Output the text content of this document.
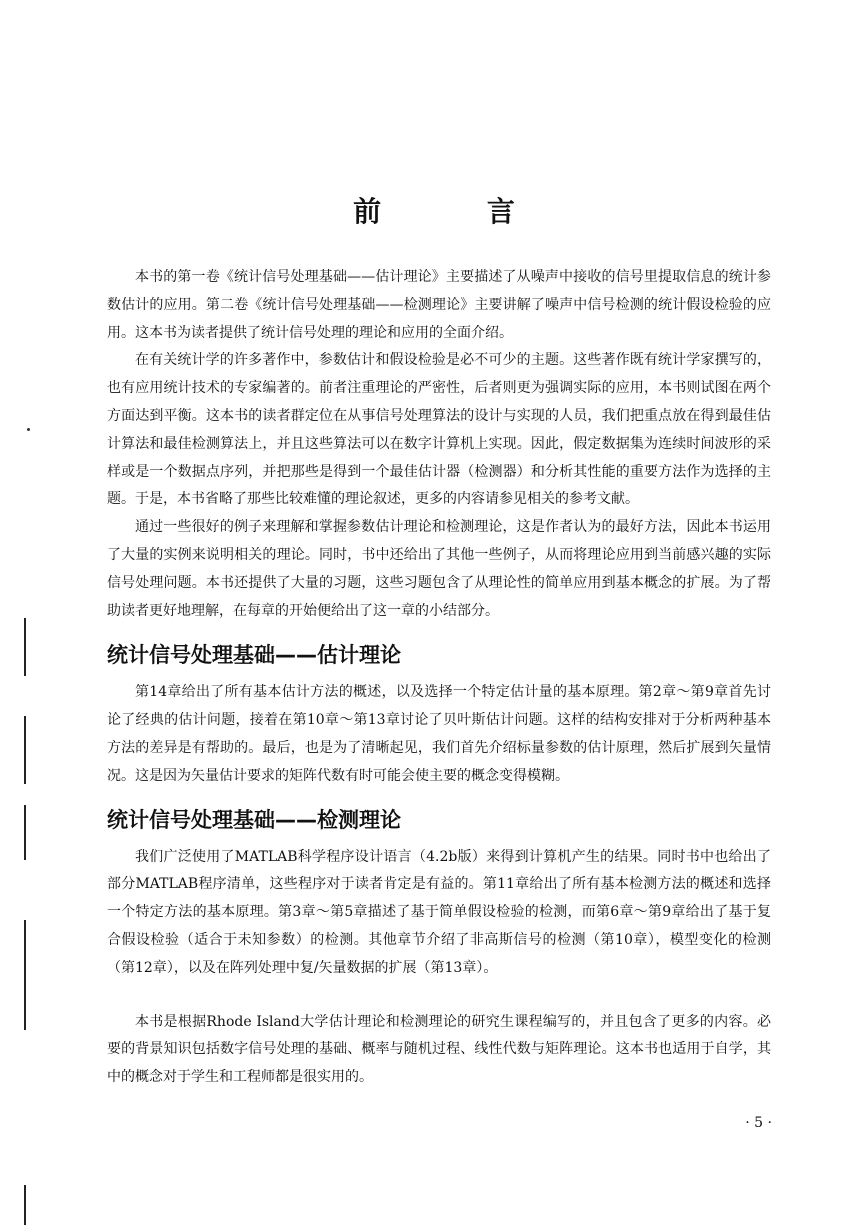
前 言

本书的第一卷《统计信号处理基础——估计理论》主要描述了从噪声中接收的信号里提取信息的统计参数估计的应用。第二卷《统计信号处理基础——检测理论》主要讲解了噪声中信号检测的统计假设检验的应用。这本书为读者提供了统计信号处理的理论和应用的全面介绍。

在有关统计学的许多著作中，参数估计和假设检验是必不可少的主题。这些著作既有统计学家撰写的，也有应用统计技术的专家编著的。前者注重理论的严密性，后者则更为强调实际的应用，本书则试图在两个方面达到平衡。这本书的读者群定位在从事信号处理算法的设计与实现的人员，我们把重点放在得到最佳估计算法和最佳检测算法上，并且这些算法可以在数字计算机上实现。因此，假定数据集为连续时间波形的采样或是一个数据点序列，并把那些是得到一个最佳估计器（检测器）和分析其性能的重要方法作为选择的主题。于是，本书省略了那些比较难懂的理论叙述，更多的内容请参见相关的参考文献。

通过一些很好的例子来理解和掌握参数估计理论和检测理论，这是作者认为的最好方法，因此本书运用了大量的实例来说明相关的理论。同时，书中还给出了其他一些例子，从而将理论应用到当前感兴趣的实际信号处理问题。本书还提供了大量的习题，这些习题包含了从理论性的简单应用到基本概念的扩展。为了帮助读者更好地理解，在每章的开始便给出了这一章的小结部分。

统计信号处理基础——估计理论

第14章给出了所有基本估计方法的概述，以及选择一个特定估计量的基本原理。第2章～第9章首先讨论了经典的估计问题，接着在第10章～第13章讨论了贝叶斯估计问题。这样的结构安排对于分析两种基本方法的差异是有帮助的。最后，也是为了清晰起见，我们首先介绍标量参数的估计原理，然后扩展到矢量情况。这是因为矢量估计要求的矩阵代数有时可能会使主要的概念变得模糊。

统计信号处理基础——检测理论

我们广泛使用了MATLAB科学程序设计语言（4.2b版）来得到计算机产生的结果。同时书中也给出了部分MATLAB程序清单，这些程序对于读者肯定是有益的。第11章给出了所有基本检测方法的概述和选择一个特定方法的基本原理。第3章～第5章描述了基于简单假设检验的检测，而第6章～第9章给出了基于复合假设检验（适合于未知参数）的检测。其他章节介绍了非高斯信号的检测（第10章），模型变化的检测（第12章），以及在阵列处理中复/矢量数据的扩展（第13章）。

本书是根据Rhode Island大学估计理论和检测理论的研究生课程编写的，并且包含了更多的内容。必要的背景知识包括数字信号处理的基础、概率与随机过程、线性代数与矩阵理论。这本书也适用于自学，其中的概念对于学生和工程师都是很实用的。

· 5 ·
